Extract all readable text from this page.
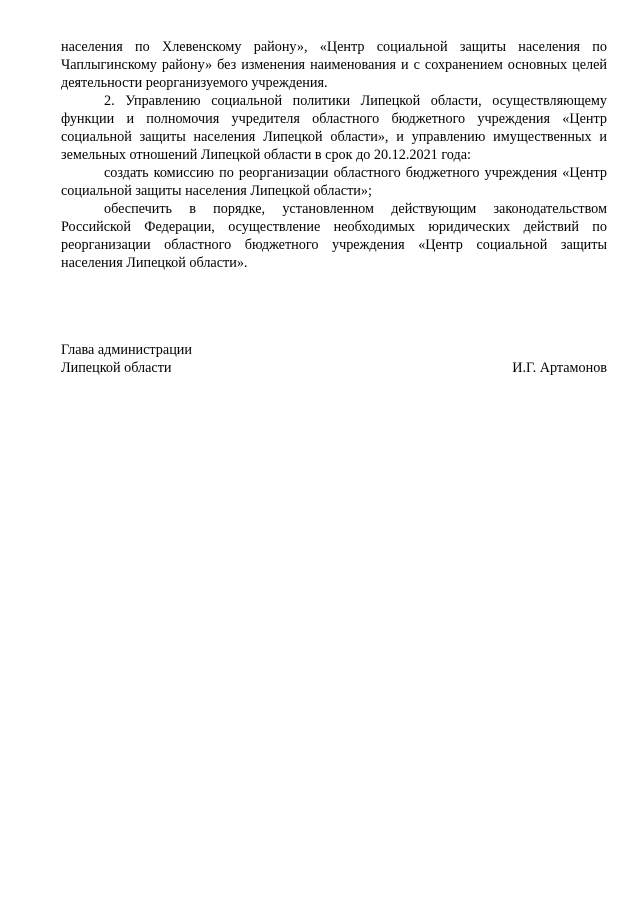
населения по Хлевенскому району», «Центр социальной защиты населения по Чаплыгинскому району» без изменения наименования и с сохранением основных целей деятельности реорганизуемого учреждения.

2. Управлению социальной политики Липецкой области, осуществляющему функции и полномочия учредителя областного бюджетного учреждения «Центр социальной защиты населения Липецкой области», и управлению имущественных и земельных отношений Липецкой области в срок до 20.12.2021 года:

создать комиссию по реорганизации областного бюджетного учреждения «Центр социальной защиты населения Липецкой области»;

обеспечить в порядке, установленном действующим законодательством Российской Федерации, осуществление необходимых юридических действий по реорганизации областного бюджетного учреждения «Центр социальной защиты населения Липецкой области».

Глава администрации
Липецкой области	И.Г. Артамонов
